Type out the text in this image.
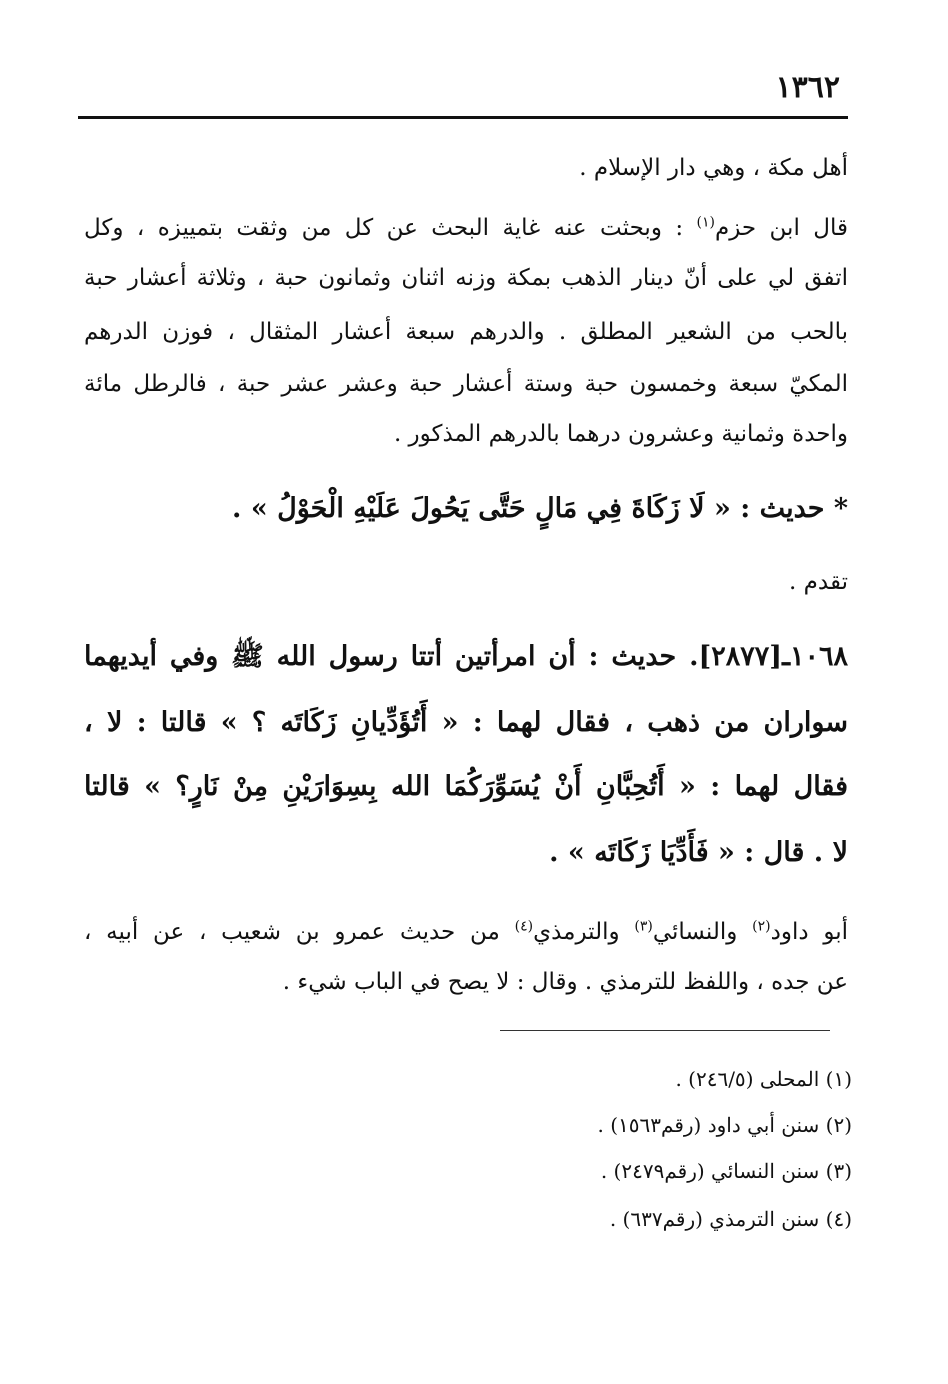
١٣٦٢
أهل مكة ، وهي دار الإسلام .
قال ابن حزم$^{(١)}$ : وبحثت عنه غاية البحث عن كل من وثقت بتمييزه ، وكل
اتفق لي على أنّ دينار الذهب بمكة وزنه اثنان وثمانون حبة ، وثلاثة أعشار حبة
بالحب من الشعير المطلق . والدرهم سبعة أعشار المثقال ، فوزن الدرهم
المكيّ سبعة وخمسون حبة وستة أعشار حبة وعشر عشر حبة ، فالرطل مائة
واحدة وثمانية وعشرون درهما بالدرهم المذكور .
* حديث : « لَا زَكَاةَ فِي مَالٍ حَتَّى يَحُولَ عَلَيْهِ الْحَوْلُ » .
تقدم .
١٠٦٨ـ[٢٨٧٧]. حديث : أن امرأتين أتتا رسول الله ﷺ وفي أيديهما
سواران من ذهب ، فقال لهما : « أَتُؤَدِّيانِ زَكَاتَه ؟ » قالتا : لا ،
فقال لهما : « أَتُحِبَّانِ أَنْ يُسَوِّرَكُمَا الله بِسِوَارَيْنِ مِنْ نَارٍ؟ » قالتا
لا . قال : « فَأَدِّيَا زَكَاتَه » .
أبو داود$^{(٢)}$ والنسائي$^{(٣)}$ والترمذي$^{(٤)}$ من حديث عمرو بن شعيب ، عن أبيه ،
عن جده ، واللفظ للترمذي . وقال : لا يصح في الباب شيء .
(١) المحلى (٢٤٦/٥) .
(٢) سنن أبي داود (رقم١٥٦٣) .
(٣) سنن النسائي (رقم٢٤٧٩) .
(٤) سنن الترمذي (رقم٦٣٧) .
